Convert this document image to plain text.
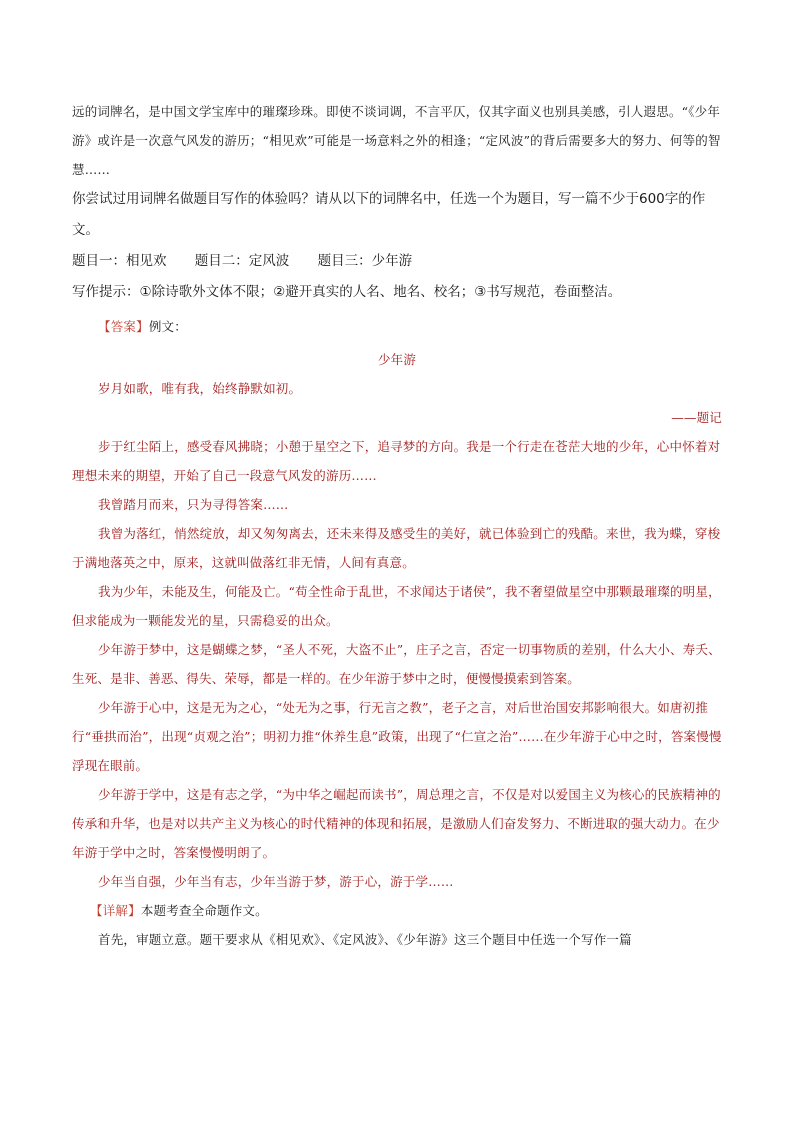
远的词牌名，是中国文学宝库中的璀璨珍珠。即使不谈词调，不言平仄，仅其字面义也别具美感，引人遐思。“《少年游》或许是一次意气风发的游历；“相见欢”可能是一场意料之外的相逢；“定风波”的背后需要多大的努力、何等的智慧……

你尝试过用词牌名做题目写作的体验吗？请从以下的词牌名中，任选一个为题目，写一篇不少于600字的作文。

题目一：相见欢 题目二：定风波 题目三：少年游

写作提示：①除诗歌外文体不限；②避开真实的人名、地名、校名；③书写规范，卷面整洁。

【答案】例文：

少年游

岁月如歌，唯有我，始终静默如初。

——题记

步于红尘陌上，感受春风拂晓；小憩于星空之下，追寻梦的方向。我是一个行走在苍茫大地的少年，心中怀着对理想未来的期望，开始了自己一段意气风发的游历……

我曾踏月而来，只为寻得答案……

我曾为落红，悄然绽放，却又匆匆离去，还未来得及感受生的美好，就已体验到亡的残酷。来世，我为蝶，穿梭于满地落英之中，原来，这就叫做落红非无情，人间有真意。

我为少年，未能及生，何能及亡。“苟全性命于乱世，不求闻达于诸侯”，我不奢望做星空中那颗最璀璨的明星，但求能成为一颗能发光的星，只需稳妥的出众。

少年游于梦中，这是蝴蝶之梦，“圣人不死，大盗不止”，庄子之言，否定一切事物质的差别，什么大小、寿夭、生死、是非、善恶、得失、荣辱，都是一样的。在少年游于梦中之时，便慢慢摸索到答案。

少年游于心中，这是无为之心，“处无为之事，行无言之教”，老子之言，对后世治国安邦影响很大。如唐初推行“垂拱而治”，出现“贞观之治”；明初力推“休养生息”政策，出现了“仁宣之治”……在少年游于心中之时，答案慢慢浮现在眼前。

少年游于学中，这是有志之学，“为中华之崛起而读书”，周总理之言，不仅是对以爱国主义为核心的民族精神的传承和升华，也是对以共产主义为核心的时代精神的体现和拓展，是激励人们奋发努力、不断进取的强大动力。在少年游于学中之时，答案慢慢明朗了。

少年当自强，少年当有志，少年当游于梦，游于心，游于学……

【详解】本题考查全命题作文。

首先，审题立意。题干要求从《相见欢》、《定风波》、《少年游》这三个题目中任选一个写作一篇
